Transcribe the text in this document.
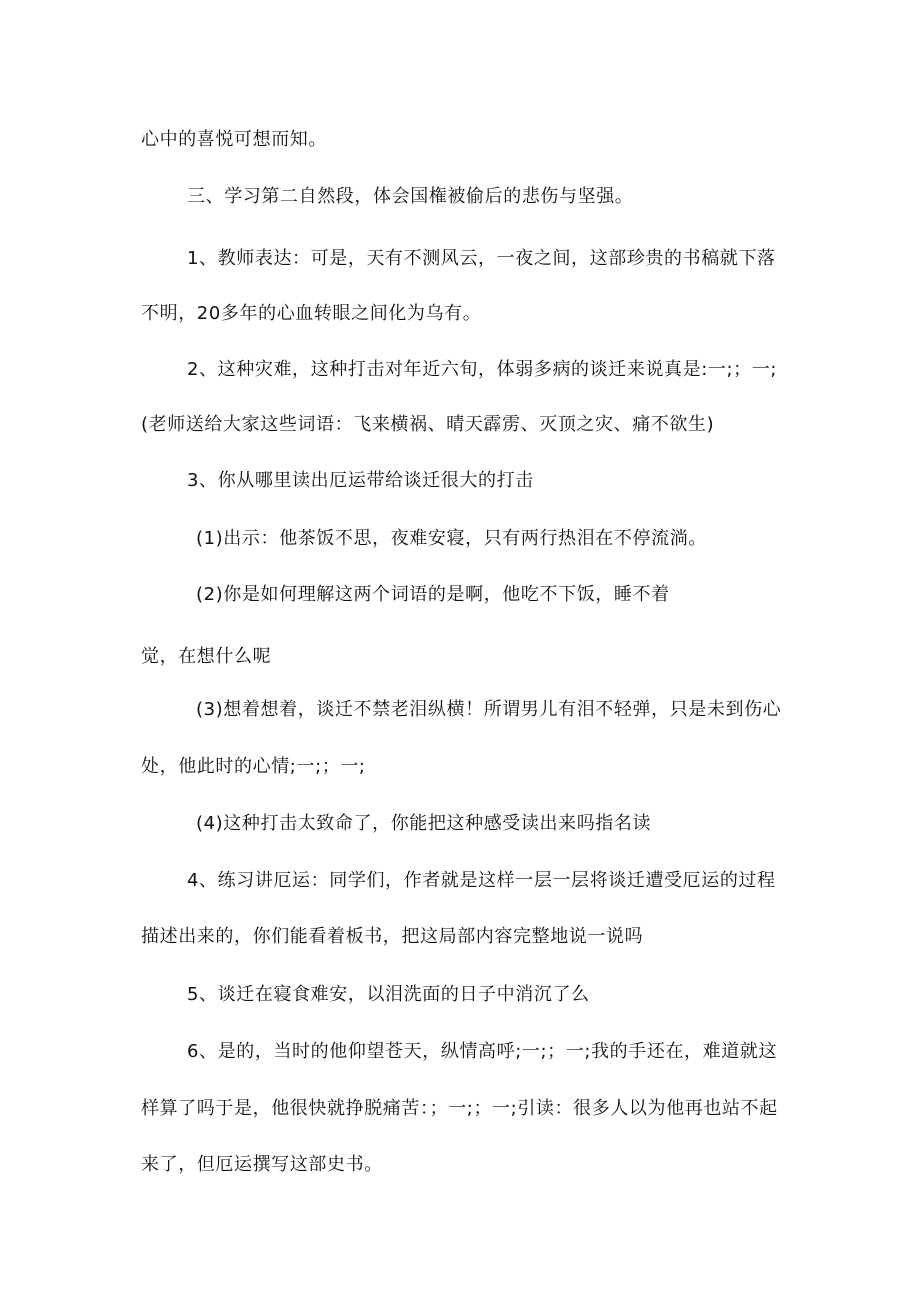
心中的喜悦可想而知。
三、学习第二自然段，体会国権被偷后的悲伤与坚强。
1、教师表达：可是，天有不测风云，一夜之间，这部珍贵的书稿就下落
不明，20多年的心血转眼之间化为乌有。
2、这种灾难，这种打击对年近六旬，体弱多病的谈迁来说真是:一;；一;
(老师送给大家这些词语：飞来横祸、晴天霹雳、灭顶之灾、痛不欲生)
3、你从哪里读出厄运带给谈迁很大的打击
(1)出示：他茶饭不思，夜难安寝，只有两行热泪在不停流淌。
(2)你是如何理解这两个词语的是啊，他吃不下饭，睡不着
觉，在想什么呢
(3)想着想着，谈迁不禁老泪纵横！所谓男儿有泪不轻弹，只是未到伤心
处，他此时的心情;一;；一;
(4)这种打击太致命了，你能把这种感受读出来吗指名读
4、练习讲厄运：同学们，作者就是这样一层一层将谈迁遭受厄运的过程
描述出来的，你们能看着板书，把这局部内容完整地说一说吗
5、谈迁在寝食难安，以泪洗面的日子中消沉了么
6、是的，当时的他仰望苍天，纵情高呼;一;；一;我的手还在，难道就这
样算了吗于是，他很快就挣脱痛苦：；一;；一;引读：很多人以为他再也站不起
来了，但厄运撰写这部史书。
